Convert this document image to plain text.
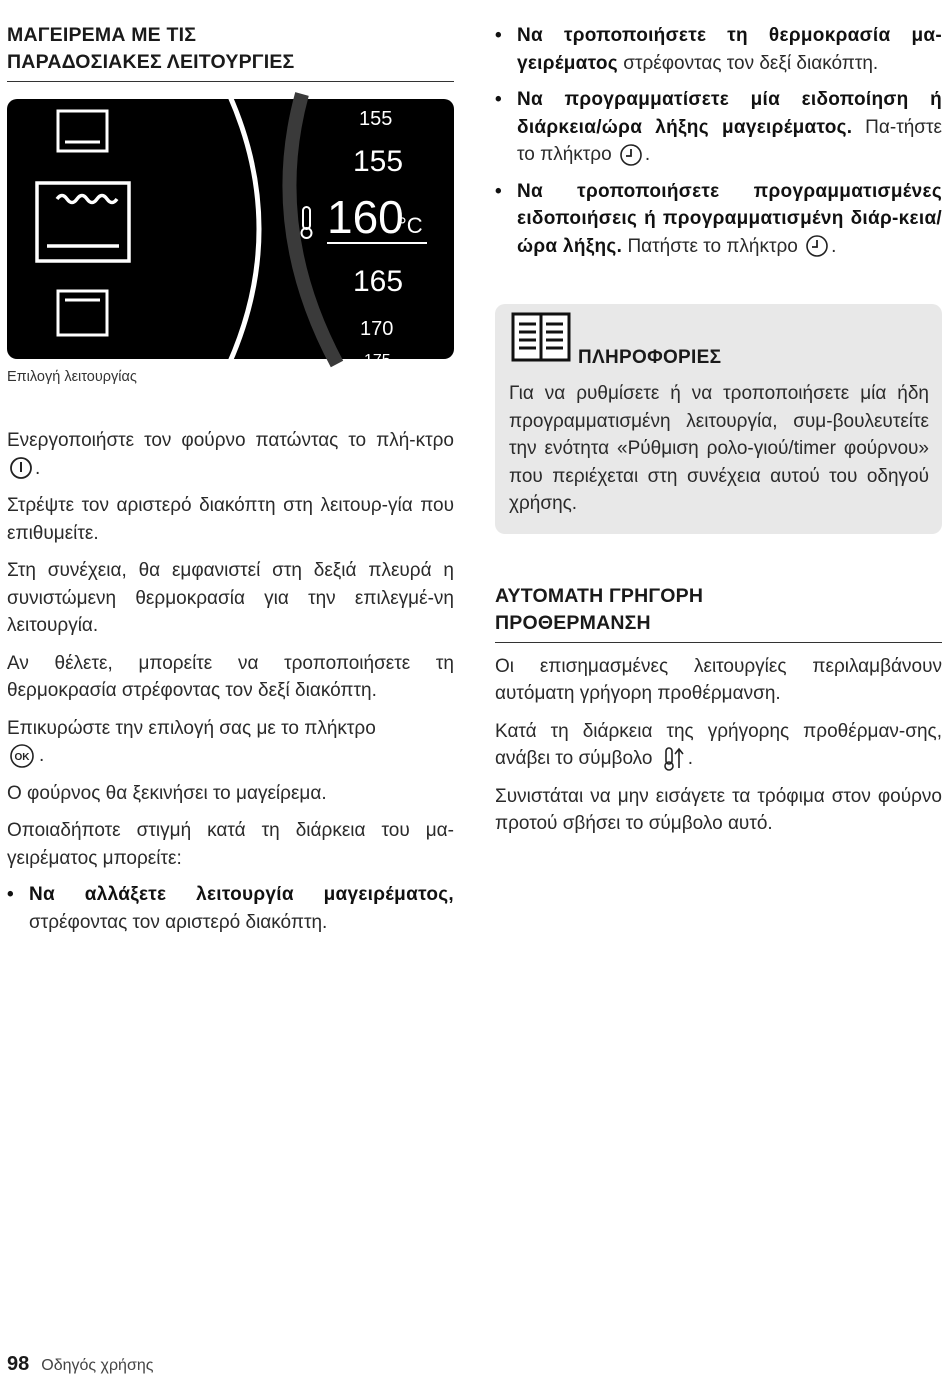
ΜΑΓΕΙΡΕΜΑ ΜΕ ΤΙΣ
ΠΑΡΑΔΟΣΙΑΚΕΣ ΛΕΙΤΟΥΡΓΙΕΣ
155
155
160
°C
165
170
175
Επιλογή λειτουργίας

Ενεργοποιήστε τον φούρνο πατώντας το πλή-κτρο .

Στρέψτε τον αριστερό διακόπτη στη λειτουρ-γία που επιθυμείτε.

Στη συνέχεια, θα εμφανιστεί στη δεξιά πλευρά η συνιστώμενη θερμοκρασία για την επιλεγμέ-νη λειτουργία.

Αν θέλετε, μπορείτε να τροποποιήσετε τη θερμοκρασία στρέφοντας τον δεξί διακόπτη.

Επικυρώστε την επιλογή σας με το πλήκτρο

OK .

Ο φούρνος θα ξεκινήσει το μαγείρεμα.

Οποιαδήποτε στιγμή κατά τη διάρκεια του μα-γειρέματος μπορείτε:

• Να αλλάξετε λειτουργία μαγειρέματος, στρέφοντας τον αριστερό διακόπτη.
• Να τροποποιήσετε τη θερμοκρασία μα-γειρέματος στρέφοντας τον δεξί διακόπτη.
• Να προγραμματίσετε μία ειδοποίηση ή διάρκεια/ώρα λήξης μαγειρέματος. Πα-τήστε το πλήκτρο .
• Να τροποποιήσετε προγραμματισμένες ειδοποιήσεις ή προγραμματισμένη διάρ-κεια/ώρα λήξης. Πατήστε το πλήκτρο .
ΠΛΗΡΟΦΟΡΙΕΣ
Για να ρυθμίσετε ή να τροποποιήσετε μία ήδη προγραμματισμένη λειτουργία, συμ-βουλευτείτε την ενότητα «Ρύθμιση ρολο-γιού/timer φούρνου» που περιέχεται στη συνέχεια αυτού του οδηγού χρήσης.
ΑΥΤΟΜΑΤΗ ΓΡΗΓΟΡΗ
ΠΡΟΘΕΡΜΑΝΣΗ

Οι επισημασμένες λειτουργίες περιλαμβάνουν αυτόματη γρήγορη προθέρμανση.

Κατά τη διάρκεια της γρήγορης προθέρμαν-σης, ανάβει το σύμβολο .

Συνιστάται να μην εισάγετε τα τρόφιμα στον φούρνο προτού σβήσει το σύμβολο αυτό.

98 Οδηγός χρήσης
